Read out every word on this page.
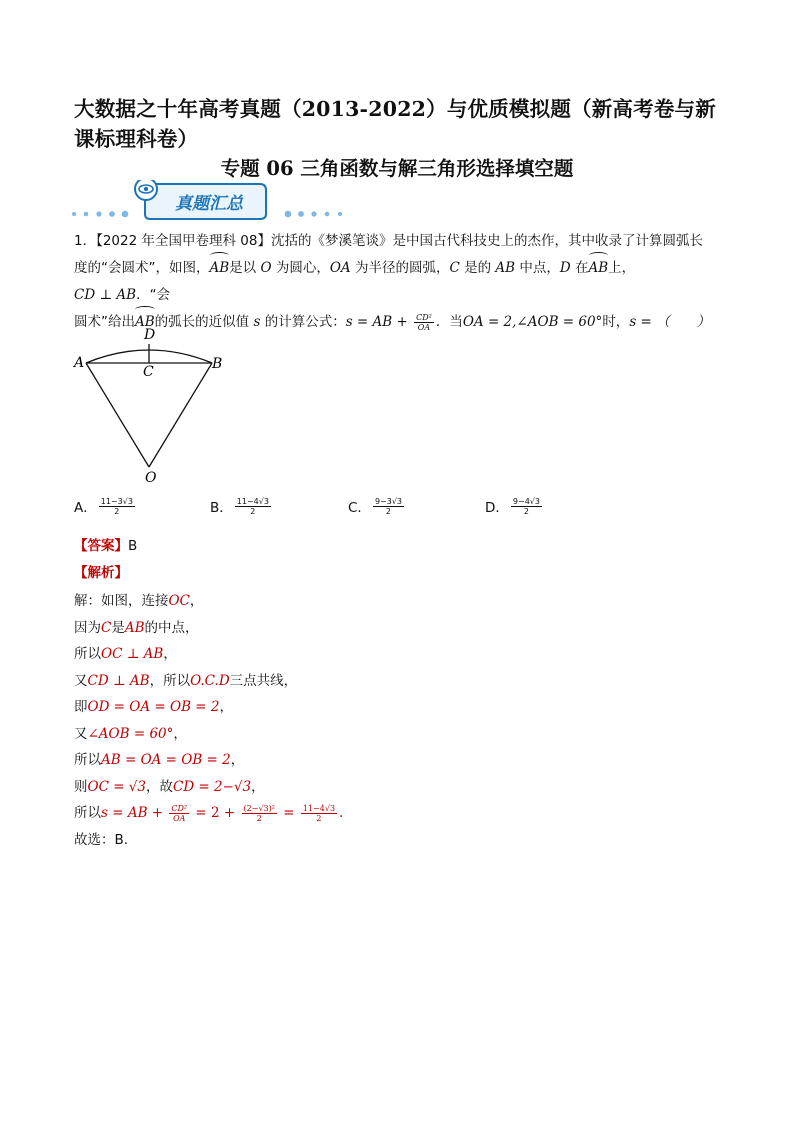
大数据之十年高考真题（2013-2022）与优质模拟题（新高考卷与新课标理科卷）
专题 06 三角函数与解三角形选择填空题
真题汇总
1．【2022 年全国甲卷理科 08】沈括的《梦溪笔谈》是中国古代科技史上的杰作，其中收录了计算圆弧长
度的“会圆术”，如图，AB是以 O 为圆心，OA 为半径的圆弧，C 是的 AB 中点，D 在AB上，CD ⊥ AB．“会
圆术”给出AB的弧长的近似值 s 的计算公式：s = AB + $\frac{\text{CD²}}{OA}$ ．当OA = 2,∠AOB = 60°时，s = （　　）
A	B
C
D
O
A． $\frac{11-3√3}{2}$	B． $\frac{11-4√3}{2}$	C． $\frac{9-3√3}{2}$	D． $\frac{9-4√3}{2}$
【答案】B
【解析】
解：如图，连接OC，
因为C是AB的中点，
所以OC ⊥ AB，
又CD ⊥ AB，所以O.C.D三点共线，
即OD = OA = OB = 2，
又∠AOB = 60°，
所以AB = OA = OB = 2，
则OC = √3，故CD = 2−√3，
所以s = AB + $\frac{\text{CD²}}{OA} = 2 + \frac{\text{(2−√3)²}}{2} = \frac{11-4√3}{2}$ .
故选：B.
